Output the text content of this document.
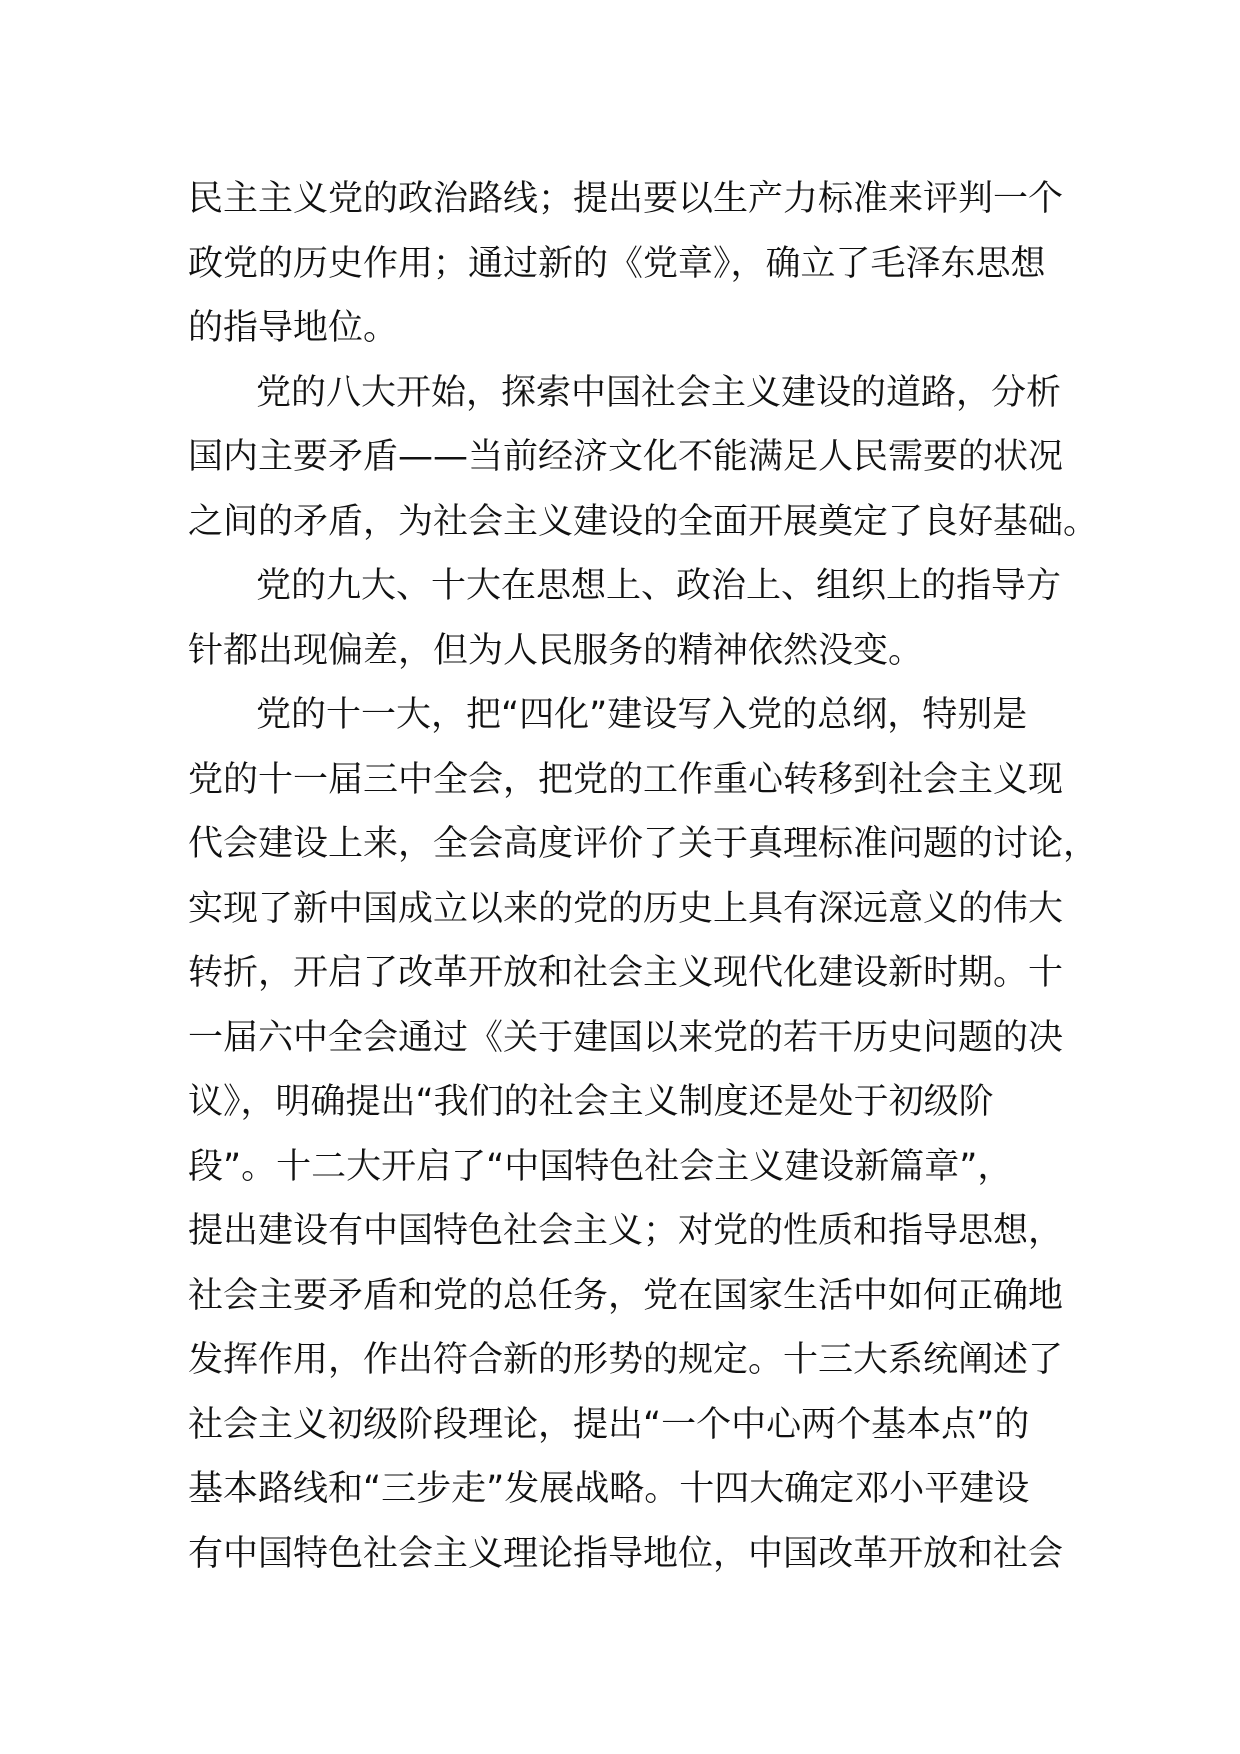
民主主义党的政治路线；提出要以生产力标准来评判一个
政党的历史作用；通过新的《党章》，确立了毛泽东思想
的指导地位。
党的八大开始，探索中国社会主义建设的道路，分析
国内主要矛盾——当前经济文化不能满足人民需要的状况
之间的矛盾，为社会主义建设的全面开展奠定了良好基础。
党的九大、十大在思想上、政治上、组织上的指导方
针都出现偏差，但为人民服务的精神依然没变。
党的十一大，把“四化”建设写入党的总纲，特别是
党的十一届三中全会，把党的工作重心转移到社会主义现
代会建设上来，全会高度评价了关于真理标准问题的讨论，
实现了新中国成立以来的党的历史上具有深远意义的伟大
转折，开启了改革开放和社会主义现代化建设新时期。十
一届六中全会通过《关于建国以来党的若干历史问题的决
议》，明确提出“我们的社会主义制度还是处于初级阶
段”。十二大开启了“中国特色社会主义建设新篇章”，
提出建设有中国特色社会主义；对党的性质和指导思想，
社会主要矛盾和党的总任务，党在国家生活中如何正确地
发挥作用，作出符合新的形势的规定。十三大系统阐述了
社会主义初级阶段理论，提出“一个中心两个基本点”的
基本路线和“三步走”发展战略。十四大确定邓小平建设
有中国特色社会主义理论指导地位，中国改革开放和社会
